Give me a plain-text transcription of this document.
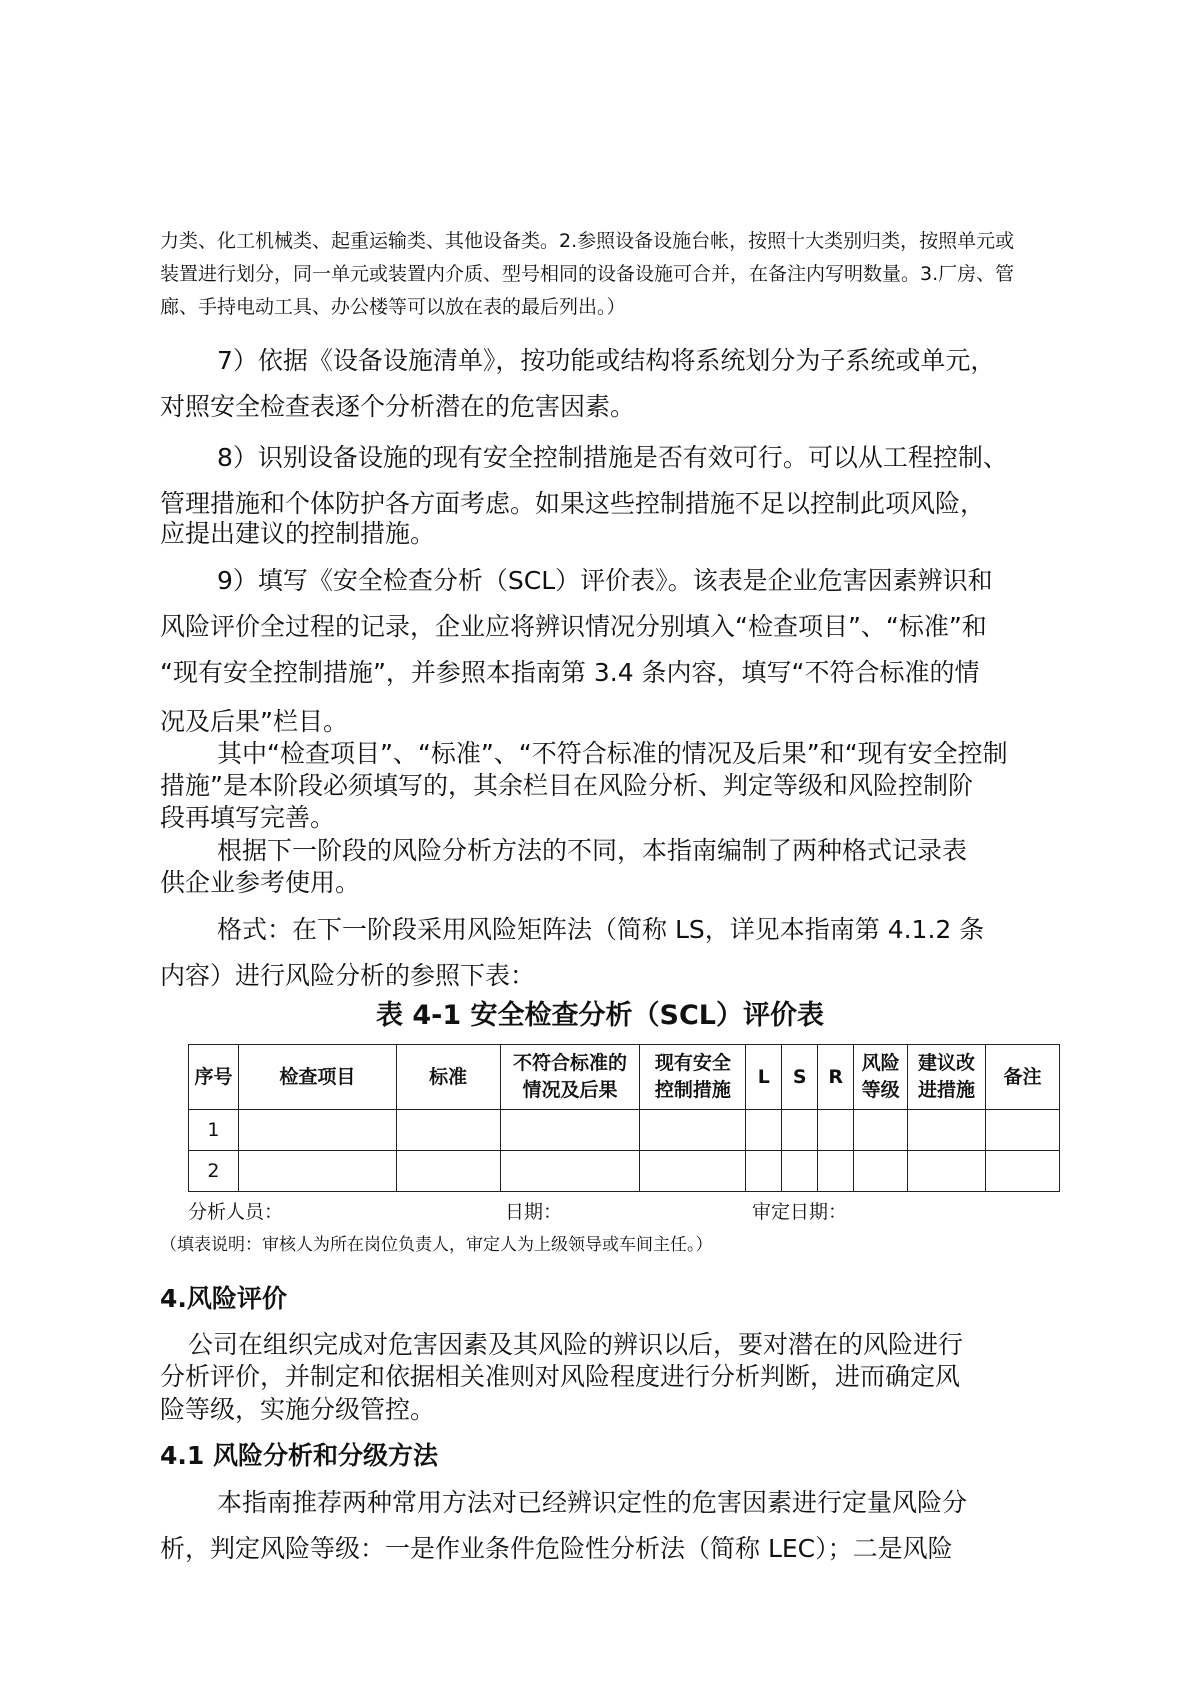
力类、化工机械类、起重运输类、其他设备类。2.参照设备设施台帐，按照十大类别归类，按照单元或

装置进行划分，同一单元或装置内介质、型号相同的设备设施可合并，在备注内写明数量。3.厂房、管

廊、手持电动工具、办公楼等可以放在表的最后列出。）

7）依据《设备设施清单》，按功能或结构将系统划分为子系统或单元，

对照安全检查表逐个分析潜在的危害因素。

8）识别设备设施的现有安全控制措施是否有效可行。可以从工程控制、

管理措施和个体防护各方面考虑。如果这些控制措施不足以控制此项风险，

应提出建议的控制措施。

9）填写《安全检查分析（SCL）评价表》。该表是企业危害因素辨识和

风险评价全过程的记录，企业应将辨识情况分别填入“检查项目”、“标准”和

“现有安全控制措施”，并参照本指南第 3.4 条内容，填写“不符合标准的情

况及后果”栏目。

其中“检查项目”、“标准”、“不符合标准的情况及后果”和“现有安全控制

措施”是本阶段必须填写的，其余栏目在风险分析、判定等级和风险控制阶

段再填写完善。

根据下一阶段的风险分析方法的不同，本指南编制了两种格式记录表

供企业参考使用。

格式：在下一阶段采用风险矩阵法（简称 LS，详见本指南第 4.1.2 条

内容）进行风险分析的参照下表：

表 4-1 安全检查分析（SCL）评价表

序号	检查项目	标准	不符合标准的
情况及后果	现有安全
控制措施	L	S	R	风险
等级	建议改
进措施	备注
1										
2										

分析人员：	日期：	审定日期：

（填表说明：审核人为所在岗位负责人，审定人为上级领导或车间主任。）

4.风险评价

公司在组织完成对危害因素及其风险的辨识以后，要对潜在的风险进行

分析评价，并制定和依据相关准则对风险程度进行分析判断，进而确定风

险等级，实施分级管控。

4.1 风险分析和分级方法

本指南推荐两种常用方法对已经辨识定性的危害因素进行定量风险分

析，判定风险等级：一是作业条件危险性分析法（简称 LEC）；二是风险
